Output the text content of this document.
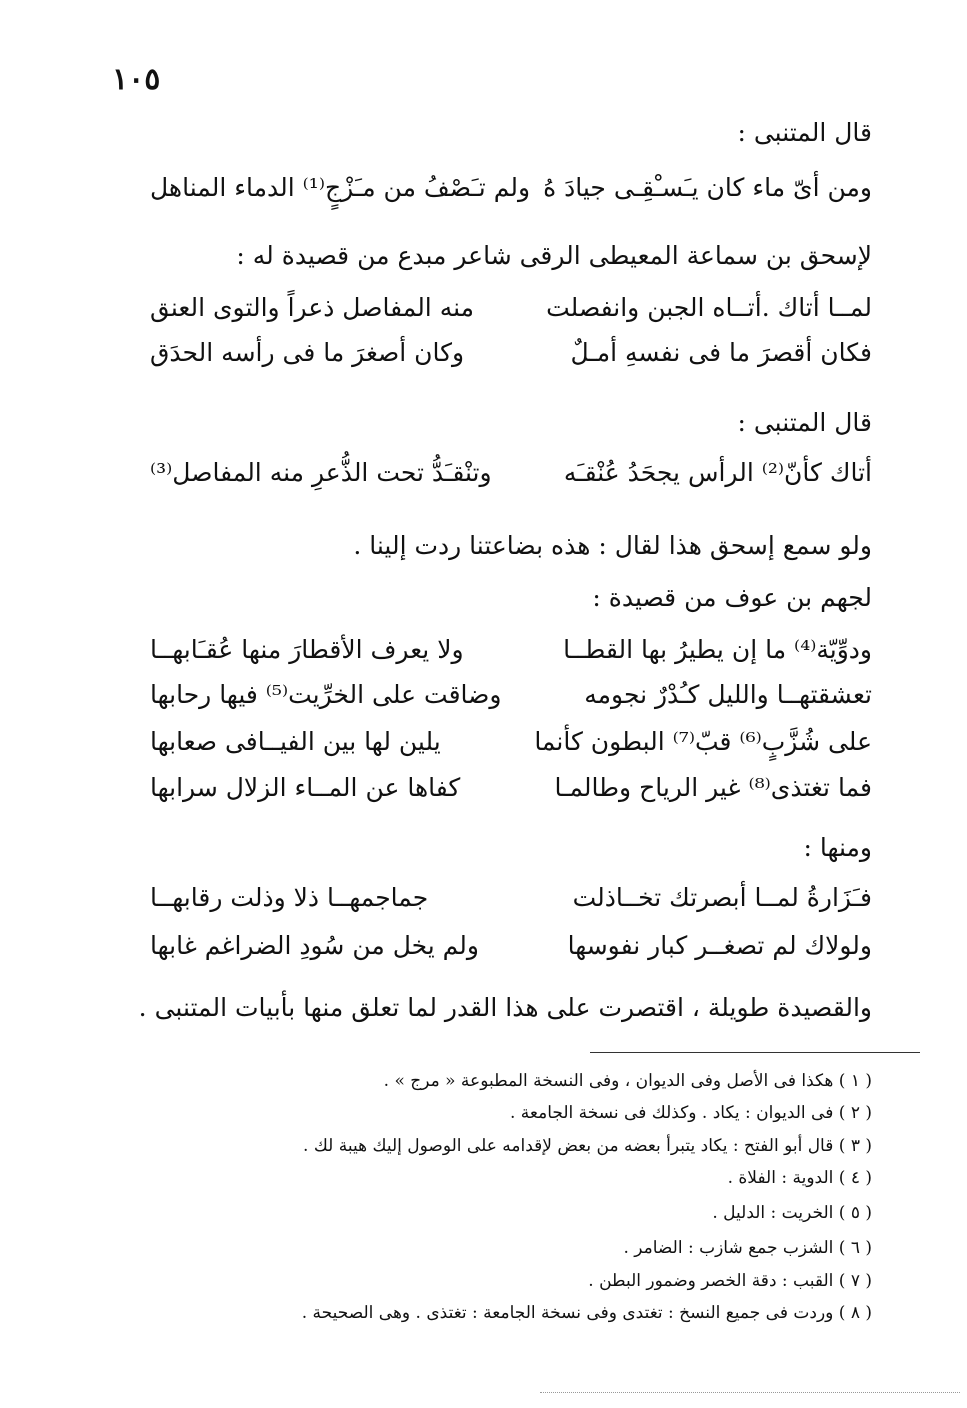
١٠٥
قال المتنبى :
ومن أىّ ماء كان يـَسـْقِـى جيادَ هُ
ولم تـَصْفُ من مـَزْجٍ⁽¹⁾ الدماء المناهل
لإسحق بن سماعة المعيطى الرقى شاعر مبدع من قصيدة له :
لمــا أتاك .أتــاه الجبن وانفصلت
منه المفاصل ذعراً والتوى العنق
فكان أقصرَ ما فى نفسهِ أمـلٌ
وكان أصغرَ ما فى رأسه الحدَق
قال المتنبى :
أتاك كأنّ⁽²⁾ الرأس يجحَدُ عُنْقـَه
وتنْقـَدُّ تحت الذُّعرِ منه المفاصل⁽³⁾
ولو سمع إسحق هذا لقال : هذه بضاعتنا ردت إلينا .
لجهم بن عوف من قصيدة :
ودوِّيّة⁽⁴⁾ ما إن يطيرُ بها القطــا
ولا يعرف الأقطارَ منها عُقـَابهــا
تعشقتهــا والليل كـُدْرٌ نجومه
وضاقت على الخرِّيت⁽⁵⁾ فيها رحابها
على شُزَّبٍ⁽⁶⁾ قبّ⁽⁷⁾ البطون كأنما
يلين لها بين الفيــافى صعابها
فما تغتذى⁽⁸⁾ غير الرياح وطالمـا
كفاها عن المــاء الزلال سرابها
ومنها :
فـَزَارةُ لمــا أبصرتك تخــاذلت
جماجمهــا ذلا وذلت رقابهــا
ولولاك لم تصغــر كبار نفوسها
ولم يخل من سُودِ الضراغم غابها
والقصيدة طويلة ، اقتصرت على هذا القدر لما تعلق منها بأبيات المتنبى .
( ١ ) هكذا فى الأصل وفى الديوان ، وفى النسخة المطبوعة « مرج » .
( ٢ ) فى الديوان : يكاد . وكذلك فى نسخة الجامعة .
( ٣ ) قال أبو الفتح : يكاد يتبرأ بعضه من بعض لإقدامه على الوصول إليك هيبة لك .
( ٤ ) الدوية : الفلاة .
( ٥ ) الخريت : الدليل .
( ٦ ) الشزب جمع شازب : الضامر .
( ٧ ) القبب : دقة الخصر وضمور البطن .
( ٨ ) وردت فى جميع النسخ : تغتدى وفى نسخة الجامعة : تغتذى . وهى الصحيحة .
